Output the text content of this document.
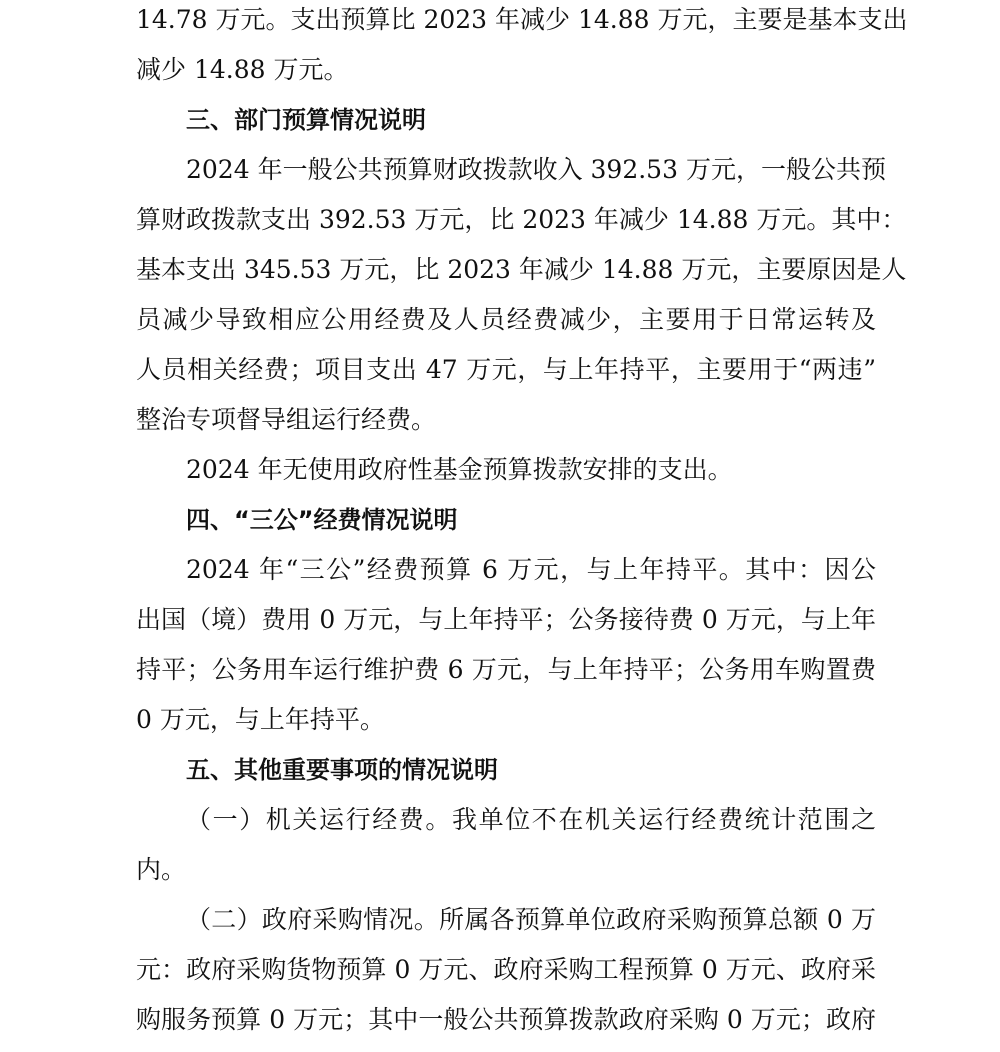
14.78 万元。支出预算比 2023 年减少 14.88 万元，主要是基本支出
减少 14.88 万元。
三、部门预算情况说明
2024 年一般公共预算财政拨款收入 392.53 万元，一般公共预
算财政拨款支出 392.53 万元，比 2023 年减少 14.88 万元。其中：
基本支出 345.53 万元，比 2023 年减少 14.88 万元，主要原因是人
员减少导致相应公用经费及人员经费减少，主要用于日常运转及
人员相关经费；项目支出 47 万元，与上年持平，主要用于“两违”
整治专项督导组运行经费。
2024 年无使用政府性基金预算拨款安排的支出。
四、“三公”经费情况说明
2024 年“三公”经费预算 6 万元，与上年持平。其中：因公
出国（境）费用 0 万元，与上年持平；公务接待费 0 万元，与上年
持平；公务用车运行维护费 6 万元，与上年持平；公务用车购置费
0 万元，与上年持平。
五、其他重要事项的情况说明
（一）机关运行经费。我单位不在机关运行经费统计范围之
内。
（二）政府采购情况。所属各预算单位政府采购预算总额 0 万
元：政府采购货物预算 0 万元、政府采购工程预算 0 万元、政府采
购服务预算 0 万元；其中一般公共预算拨款政府采购 0 万元；政府
